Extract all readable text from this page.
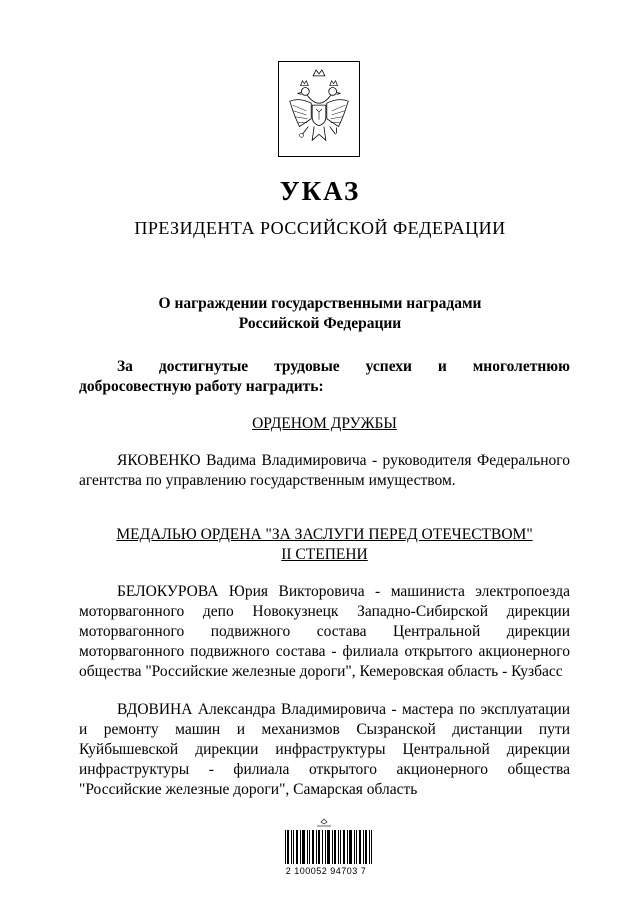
УКАЗ
ПРЕЗИДЕНТА РОССИЙСКОЙ ФЕДЕРАЦИИ
О награждении государственными наградами
Российской Федерации
За достигнутые трудовые успехи и многолетнюю
добросовестную работу наградить:
ОРДЕНОМ ДРУЖБЫ
ЯКОВЕНКО Вадима Владимировича - руководителя Федерального агентства по управлению государственным имуществом.
МЕДАЛЬЮ ОРДЕНА "ЗА ЗАСЛУГИ ПЕРЕД ОТЕЧЕСТВОМ"
II СТЕПЕНИ
БЕЛОКУРОВА Юрия Викторовича - машиниста электропоезда моторвагонного депо Новокузнецк Западно-Сибирской дирекции моторвагонного подвижного состава Центральной дирекции моторвагонного подвижного состава - филиала открытого акционерного общества "Российские железные дороги", Кемеровская область - Кузбасс
ВДОВИНА Александра Владимировича - мастера по эксплуатации и ремонту машин и механизмов Сызранской дистанции пути Куйбышевской дирекции инфраструктуры Центральной дирекции инфраструктуры - филиала открытого акционерного общества "Российские железные дороги", Самарская область
2 100052 94703 7
